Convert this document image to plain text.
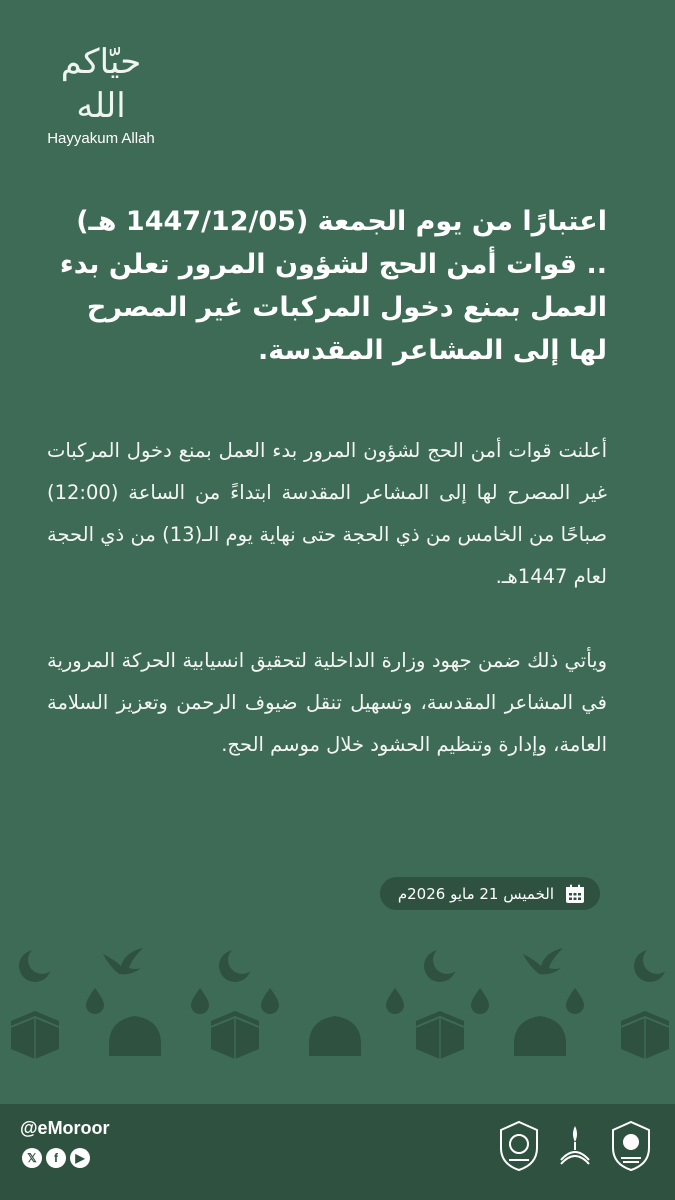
حيّاكم الله
Hayyakum Allah
اعتبارًا من يوم الجمعة (1447/12/05 هـ) .. قوات أمن الحج لشؤون المرور تعلن بدء العمل بمنع دخول المركبات غير المصرح لها إلى المشاعر المقدسة.
أعلنت قوات أمن الحج لشؤون المرور بدء العمل بمنع دخول المركبات غير المصرح لها إلى المشاعر المقدسة ابتداءً من الساعة (12:00) صباحًا من الخامس من ذي الحجة حتى نهاية يوم الـ(13) من ذي الحجة لعام 1447هـ.
ويأتي ذلك ضمن جهود وزارة الداخلية لتحقيق انسيابية الحركة المرورية في المشاعر المقدسة، وتسهيل تنقل ضيوف الرحمن وتعزيز السلامة العامة، وإدارة وتنظيم الحشود خلال موسم الحج.
الخميس 21 مايو 2026م
@eMoroor
𝕏	f	▶
